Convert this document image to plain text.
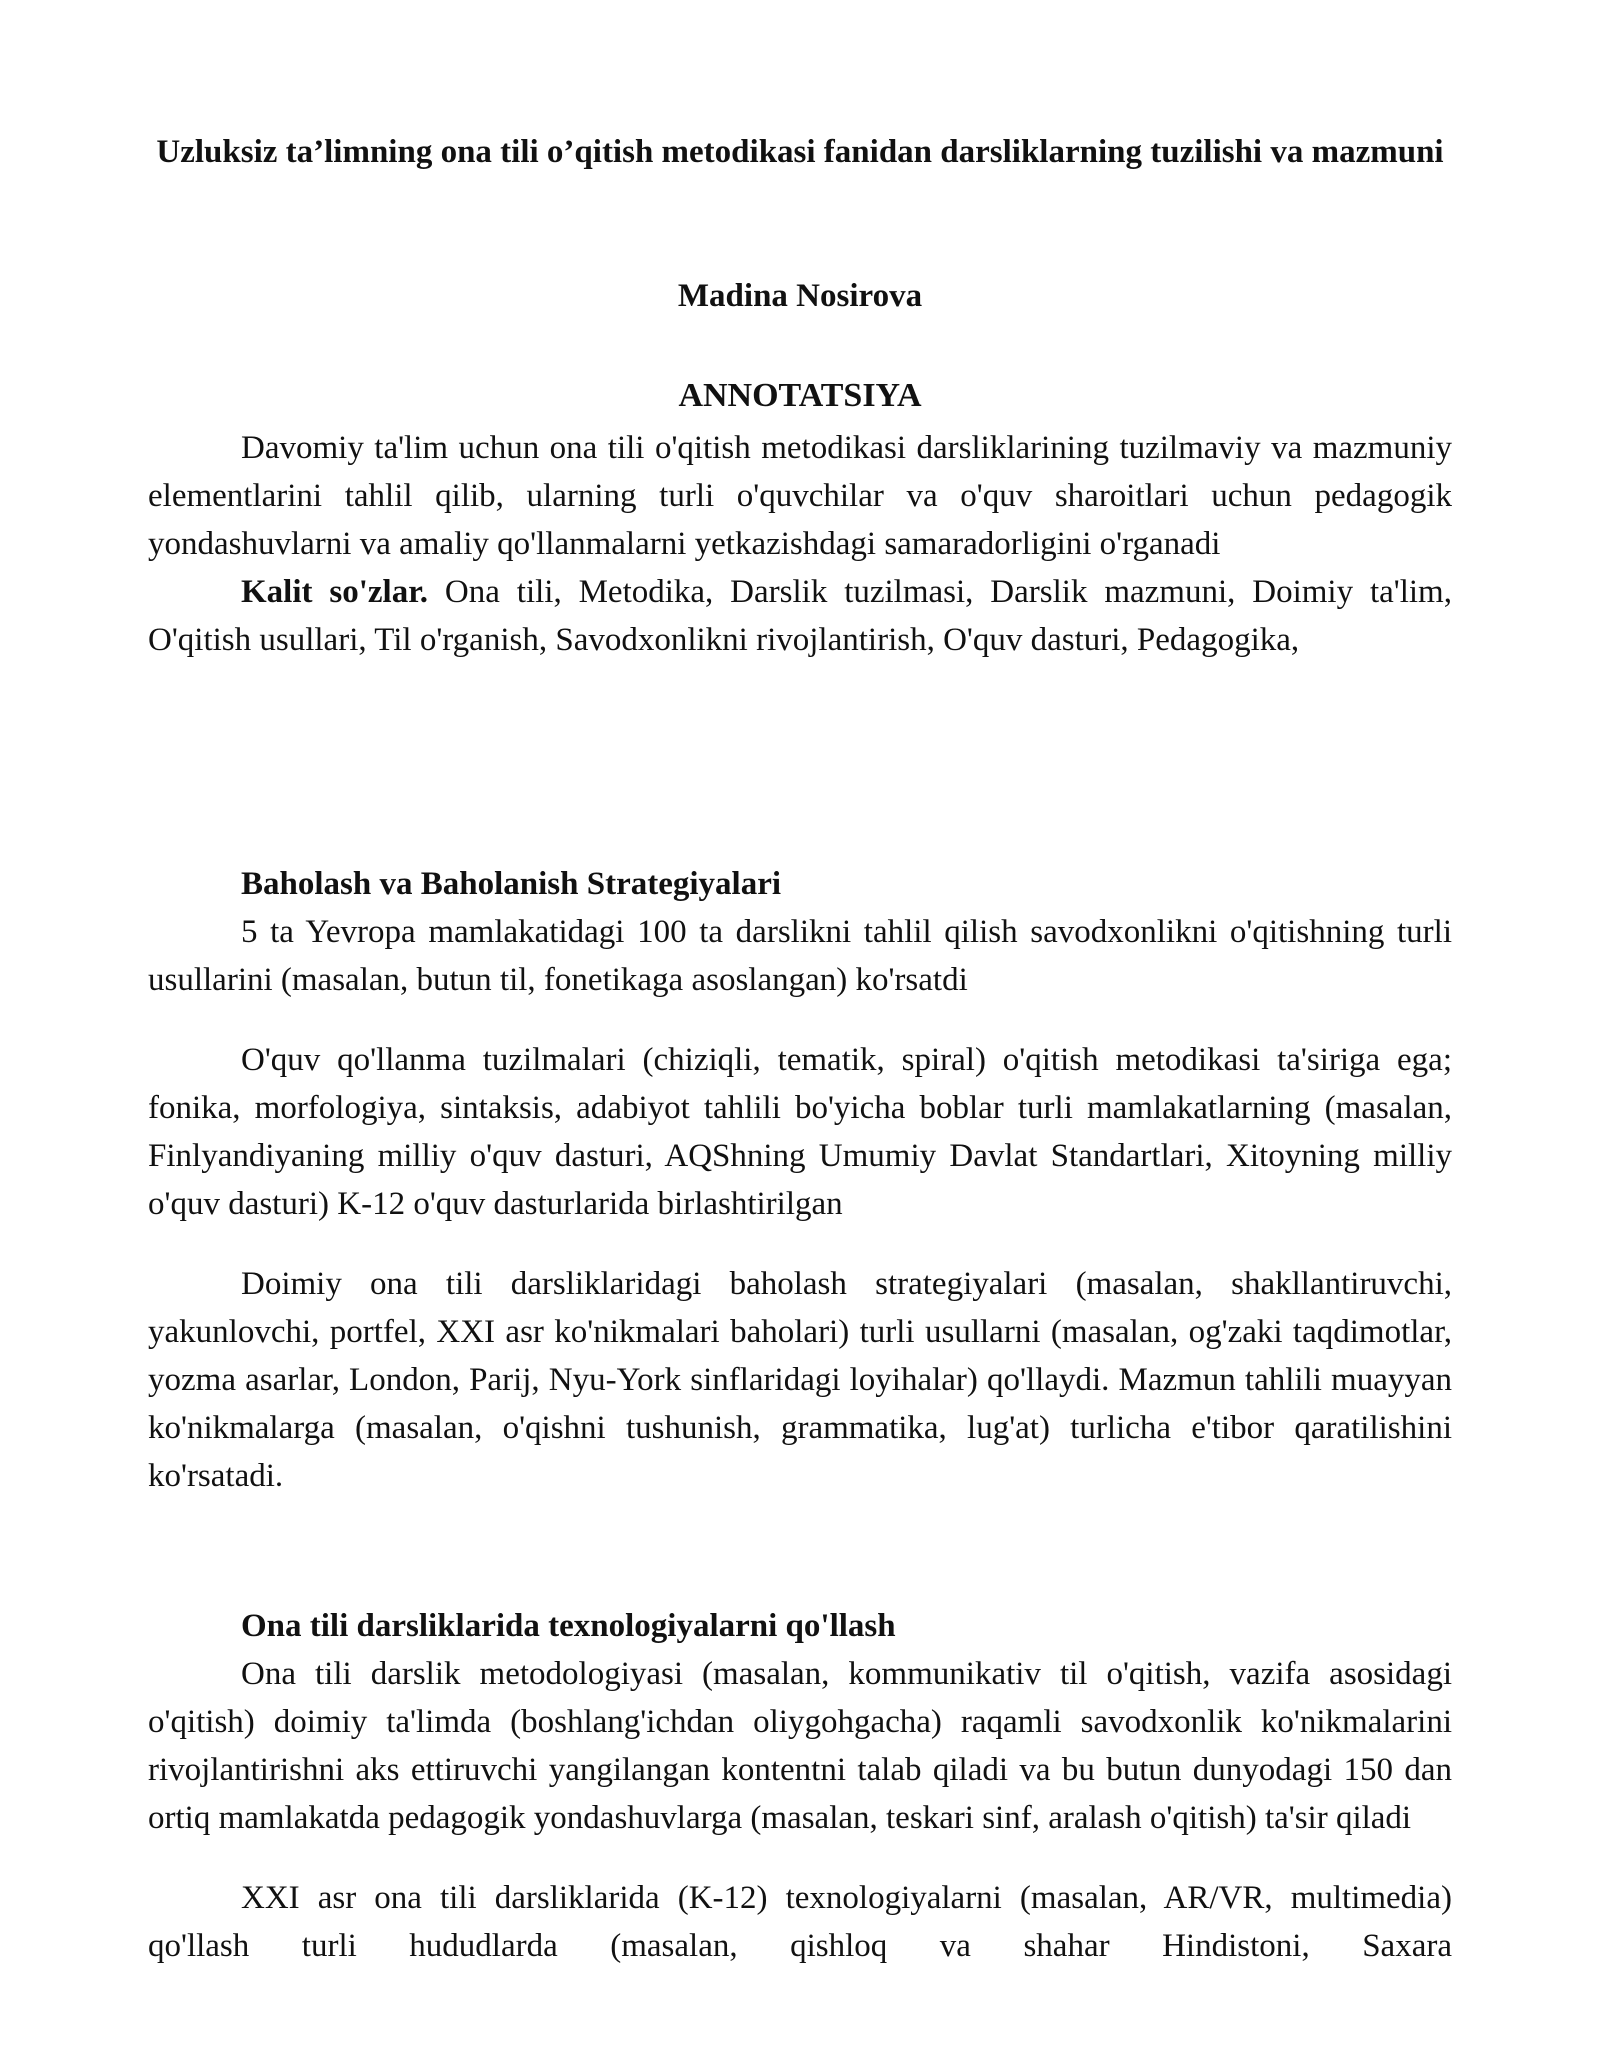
Uzluksiz ta’limning ona tili o’qitish metodikasi fanidan darsliklarning tuzilishi va mazmuni
Madina Nosirova
ANNOTATSIYA

Davomiy ta'lim uchun ona tili o'qitish metodikasi darsliklarining tuzilmaviy va mazmuniy elementlarini tahlil qilib, ularning turli o'quvchilar va o'quv sharoitlari uchun pedagogik yondashuvlarni va amaliy qo'llanmalarni yetkazishdagi samaradorligini o'rganadi

Kalit so'zlar. Ona tili, Metodika, Darslik tuzilmasi, Darslik mazmuni, Doimiy ta'lim, O'qitish usullari, Til o'rganish, Savodxonlikni rivojlantirish, O'quv dasturi, Pedagogika,

Baholash va Baholanish Strategiyalari

5 ta Yevropa mamlakatidagi 100 ta darslikni tahlil qilish savodxonlikni o'qitishning turli usullarini (masalan, butun til, fonetikaga asoslangan) ko'rsatdi

O'quv qo'llanma tuzilmalari (chiziqli, tematik, spiral) o'qitish metodikasi ta'siriga ega; fonika, morfologiya, sintaksis, adabiyot tahlili bo'yicha boblar turli mamlakatlarning (masalan, Finlyandiyaning milliy o'quv dasturi, AQShning Umumiy Davlat Standartlari, Xitoyning milliy o'quv dasturi) K-12 o'quv dasturlarida birlashtirilgan

Doimiy ona tili darsliklaridagi baholash strategiyalari (masalan, shakllantiruvchi, yakunlovchi, portfel, XXI asr ko'nikmalari baholari) turli usullarni (masalan, og'zaki taqdimotlar, yozma asarlar, London, Parij, Nyu-York sinflaridagi loyihalar) qo'llaydi. Mazmun tahlili muayyan ko'nikmalarga (masalan, o'qishni tushunish, grammatika, lug'at) turlicha e'tibor qaratilishini ko'rsatadi.

Ona tili darsliklarida texnologiyalarni qo'llash

Ona tili darslik metodologiyasi (masalan, kommunikativ til o'qitish, vazifa asosidagi o'qitish) doimiy ta'limda (boshlang'ichdan oliygohgacha) raqamli savodxonlik ko'nikmalarini rivojlantirishni aks ettiruvchi yangilangan kontentni talab qiladi va bu butun dunyodagi 150 dan ortiq mamlakatda pedagogik yondashuvlarga (masalan, teskari sinf, aralash o'qitish) ta'sir qiladi

XXI asr ona tili darsliklarida (K-12) texnologiyalarni (masalan, AR/VR, multimedia) qo'llash turli hududlarda (masalan, qishloq va shahar Hindistoni, Saxara
